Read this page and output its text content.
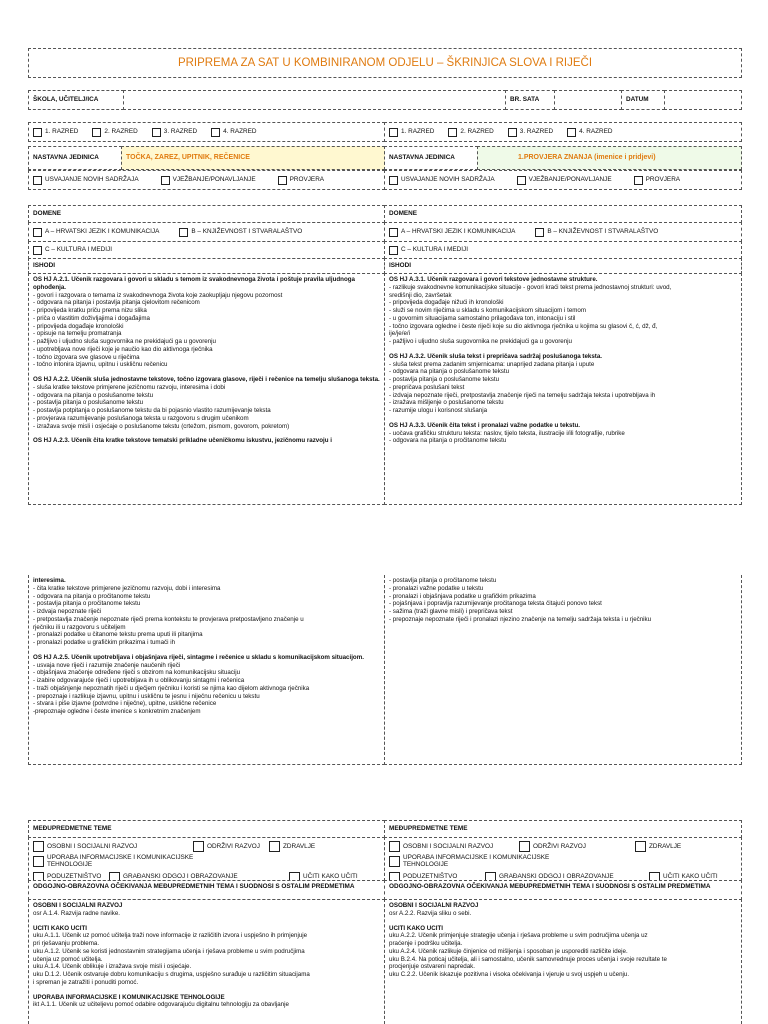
PRIPREMA ZA SAT U KOMBINIRANOM ODJELU – ŠKRINJICA SLOVA I RIJEČI
ŠKOLA, UČITELJ/ICA	BR. SATA	DATUM
1. RAZRED	2. RAZRED	3. RAZRED	4. RAZRED	1. RAZRED	2. RAZRED	3. RAZRED	4. RAZRED
NASTAVNA JEDINICA	TOČKA, ZAREZ, UPITNIK, REČENICE	NASTAVNA JEDINICA	1.PROVJERA ZNANJA (imenice i pridjevi)
USVAJANJE NOVIH SADRŽAJA	VJEŽBANJE/PONAVLJANJE	PROVJERA	USVAJANJE NOVIH SADRŽAJA	VJEŽBANJE/PONAVLJANJE	PROVJERA
DOMENE	DOMENE
A – HRVATSKI JEZIK I KOMUNIKACIJA	B – KNJIŽEVNOST I STVARALAŠTVO	A – HRVATSKI JEZIK I KOMUNIKACIJA	B – KNJIŽEVNOST I STVARALAŠTVO
C – KULTURA I MEDIJI	C – KULTURA I MEDIJI
ISHODI	ISHODI

OŠ HJ A.2.1. Učenik razgovara i govori u skladu s temom iz svakodnevnoga života i poštuje pravila uljudnoga ophođenja.

- govori i razgovara o temama iz svakodnevnoga života koje zaokupljaju njegovu pozornost

- odgovara na pitanja i postavlja pitanja cjelovitom rečenicom

- pripovijeda kratku priču prema nizu slika

- priča o vlastitim doživljajima i događajima

- pripovijeda događaje kronološki

- opisuje na temelju promatranja

- pažljivo i uljudno sluša sugovornika ne prekidajući ga u govorenju

- upotrebljava nove riječi koje je naučio kao dio aktivnoga rječnika

- točno izgovara sve glasove u riječima

- točno intonira izjavnu, upitnu i uskličnu rečenicu

OŠ HJ A.2.2. Učenik sluša jednostavne tekstove, točno izgovara glasove, riječi i rečenice na temelju slušanoga teksta.

- sluša kratke tekstove primjerene jezičnomu razvoju, interesima i dobi

- odgovara na pitanja o poslušanome tekstu

- postavlja pitanja o poslušanome tekstu

- postavlja potpitanja o poslušanome tekstu da bi pojasnio vlastito razumijevanje teksta

- provjerava razumijevanje poslušanoga teksta u razgovoru s drugim učenikom

- izražava svoje misli i osjećaje o poslušanome tekstu (crtežom, pismom, govorom, pokretom)

OŠ HJ A.2.3. Učenik čita kratke tekstove tematski prikladne učeničkomu iskustvu, jezičnomu razvoju i

OŠ HJ A.3.1. Učenik razgovara i govori tekstove jednostavne strukture.

- razlikuje svakodnevne komunikacijske situacije - govori kraći tekst prema jednostavnoj strukturi: uvod,

središnji dio, završetak

- pripovijeda događaje nižući ih kronološki

- služi se novim riječima u skladu s komunikacijskom situacijom i temom

- u govornim situacijama samostalno prilagođava ton, intonaciju i stil

- točno izgovara ogledne i česte riječi koje su dio aktivnoga rječnika u kojima su glasovi č, ć, dž, đ,

ije/je/e/i

- pažljivo i uljudno sluša sugovornika ne prekidajući ga u govorenju

OŠ HJ A.3.2. Učenik sluša tekst i prepričava sadržaj poslušanoga teksta.

- sluša tekst prema zadanim smjernicama: unaprijed zadana pitanja i upute

- odgovara na pitanja o poslušanome tekstu

- postavlja pitanja o poslušanome tekstu

- prepričava poslušani tekst

- izdvaja nepoznate riječi, pretpostavlja značenje riječi na temelju sadržaja teksta i upotrebljava ih

- izražava mišljenje o poslušanome tekstu

- razumije ulogu i korisnost slušanja

OŠ HJ A.3.3. Učenik čita tekst i pronalazi važne podatke u tekstu.

- uočava grafičku strukturu teksta: naslov, tijelo teksta, ilustracije i/ili fotografije, rubrike

- odgovara na pitanja o pročitanome tekstu

interesima.

- čita kratke tekstove primjerene jezičnomu razvoju, dobi i interesima

- odgovara na pitanja o pročitanome tekstu

- postavlja pitanja o pročitanome tekstu

- izdvaja nepoznate riječi

- pretpostavlja značenje nepoznate riječi prema kontekstu te provjerava pretpostavljeno značenje u

rječniku ili u razgovoru s učiteljem

- pronalazi podatke u čitanome tekstu prema uputi ili pitanjima

- pronalazi podatke u grafičkim prikazima i tumači ih

OŠ HJ A.2.5. Učenik upotrebljava i objašnjava riječi, sintagme i rečenice u skladu s komunikacijskom situacijom.

- usvaja nove riječi i razumije značenje naučenih riječi

- objašnjava značenje određene riječi s obzirom na komunikacijsku situaciju

- izabire odgovarajuće riječi i upotrebljava ih u oblikovanju sintagmi i rečenica

- traži objašnjenje nepoznatih riječi u dječjem rječniku i koristi se njima kao dijelom aktivnoga rječnika

- prepoznaje i razlikuje izjavnu, upitnu i uskličnu te jesnu i niječnu rečenicu u tekstu

- stvara i piše izjavne (potvrdne i niječne), upitne, usklične rečenice

-prepoznaje ogledne i česte imenice s konkretnim značenjem

- postavlja pitanja o pročitanome tekstu

- pronalazi važne podatke u tekstu

- pronalazi i objašnjava podatke u grafičkim prikazima

- pojašnjava i popravlja razumijevanje pročitanoga teksta čitajući ponovo tekst

- sažima (traži glavne misli) i prepričava tekst

- prepoznaje nepoznate riječi i pronalazi njezino značenje na temelju sadržaja teksta i u rječniku

MEĐUPREDMETNE TEME	MEĐUPREDMETNE TEME
OSOBNI I SOCIJALNI RAZVOJ	ODRŽIVI RAZVOJ	ZDRAVLJE
UPORABA INFORMACIJSKE I KOMUNIKACIJSKE
TEHNOLOGIJE
PODUZETNIŠTVO	GRAĐANSKI ODGOJ I OBRAZOVANJE	UČITI KAKO UČITI
OSOBNI I SOCIJALNI RAZVOJ	ODRŽIVI RAZVOJ	ZDRAVLJE
UPORABA INFORMACIJSKE I KOMUNIKACIJSKE
TEHNOLOGIJE
PODUZETNIŠTVO	GRAĐANSKI ODGOJ I OBRAZOVANJE	UČITI KAKO UČITI
ODGOJNO-OBRAZOVNA OČEKIVANJA MEĐUPREDMETNIH TEMA I SUODNOSI S OSTALIM PREDMETIMA	ODGOJNO-OBRAZOVNA OČEKIVANJA MEĐUPREDMETNIH TEMA I SUODNOSI S OSTALIM PREDMETIMA

OSOBNI I SOCIJALNI RAZVOJ

osr A.1.4. Razvija radne navike.

UČITI KAKO UČITI

uku A.1.1. Učenik uz pomoć učitelja traži nove informacije iz različitih izvora i uspješno ih primjenjuje

pri rješavanju problema.

uku A.1.2. Učenik se koristi jednostavnim strategijama učenja i rješava probleme u svim područjima

učenja uz pomoć učitelja.

uku A.1.4. Učenik oblikuje i izražava svoje misli i osjećaje.

uku D.1.2. Učenik ostvaruje dobru komunikaciju s drugima, uspješno surađuje u različitim situacijama

i spreman je zatražiti i ponuditi pomoć.

UPORABA INFORMACIJSKE I KOMUNIKACIJSKE TEHNOLOGIJE

ikt A.1.1. Učenik uz učiteljevu pomoć odabire odgovarajuću digitalnu tehnologiju za obavljanje

OSOBNI I SOCIJALNI RAZVOJ

osr A.2.2. Razvija sliku o sebi.

UČITI KAKO UČITI

uku A.2.2. Učenik primjenjuje strategije učenja i rješava probleme u svim područjima učenja uz

praćenje i podršku učitelja.

uku A.2.4. Učenik razlikuje činjenice od mišljenja i sposoban je usporediti različite ideje.

uku B.2.4. Na poticaj učitelja, ali i samostalno, učenik samovrednuje proces učenja i svoje rezultate te

procjenjuje ostvareni napredak.

uku C.2.2. Učenik iskazuje pozitivna i visoka očekivanja i vjeruje u svoj uspjeh u učenju.
